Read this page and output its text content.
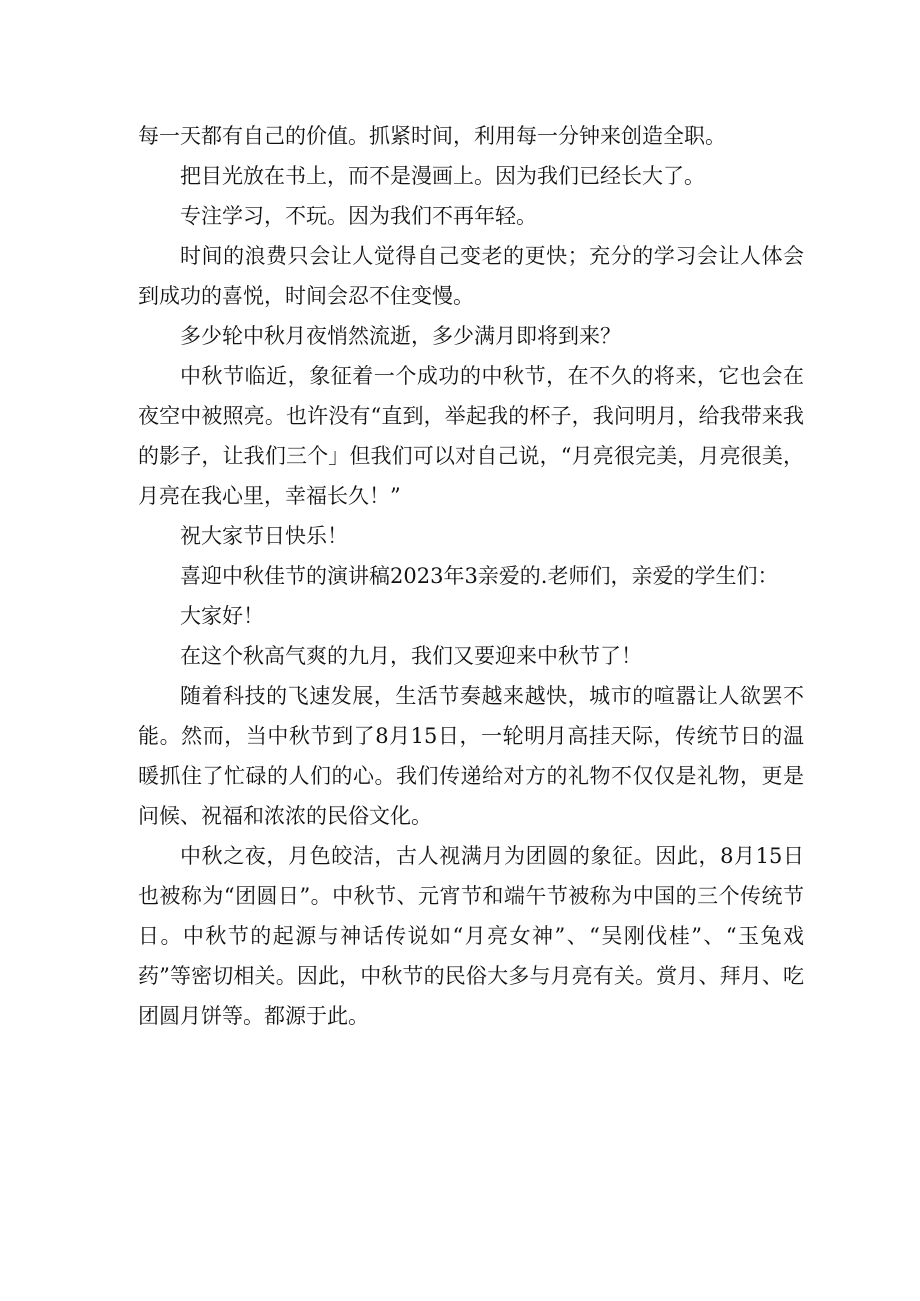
每一天都有自己的价值。抓紧时间，利用每一分钟来创造全职。

把目光放在书上，而不是漫画上。因为我们已经长大了。

专注学习，不玩。因为我们不再年轻。

时间的浪费只会让人觉得自己变老的更快；充分的学习会让人体会到成功的喜悦，时间会忍不住变慢。

多少轮中秋月夜悄然流逝，多少满月即将到来？

中秋节临近，象征着一个成功的中秋节，在不久的将来，它也会在夜空中被照亮。也许没有“直到，举起我的杯子，我问明月，给我带来我的影子，让我们三个」但我们可以对自己说，“月亮很完美，月亮很美，月亮在我心里，幸福长久！”

祝大家节日快乐！

喜迎中秋佳节的演讲稿2023年3亲爱的.老师们，亲爱的学生们：

大家好！

在这个秋高气爽的九月，我们又要迎来中秋节了！

随着科技的飞速发展，生活节奏越来越快，城市的喧嚣让人欲罢不能。然而，当中秋节到了8月15日，一轮明月高挂天际，传统节日的温暖抓住了忙碌的人们的心。我们传递给对方的礼物不仅仅是礼物，更是问候、祝福和浓浓的民俗文化。

中秋之夜，月色皎洁，古人视满月为团圆的象征。因此，8月15日也被称为“团圆日”。中秋节、元宵节和端午节被称为中国的三个传统节日。中秋节的起源与神话传说如“月亮女神”、“吴刚伐桂”、“玉兔戏药”等密切相关。因此，中秋节的民俗大多与月亮有关。赏月、拜月、吃团圆月饼等。都源于此。
